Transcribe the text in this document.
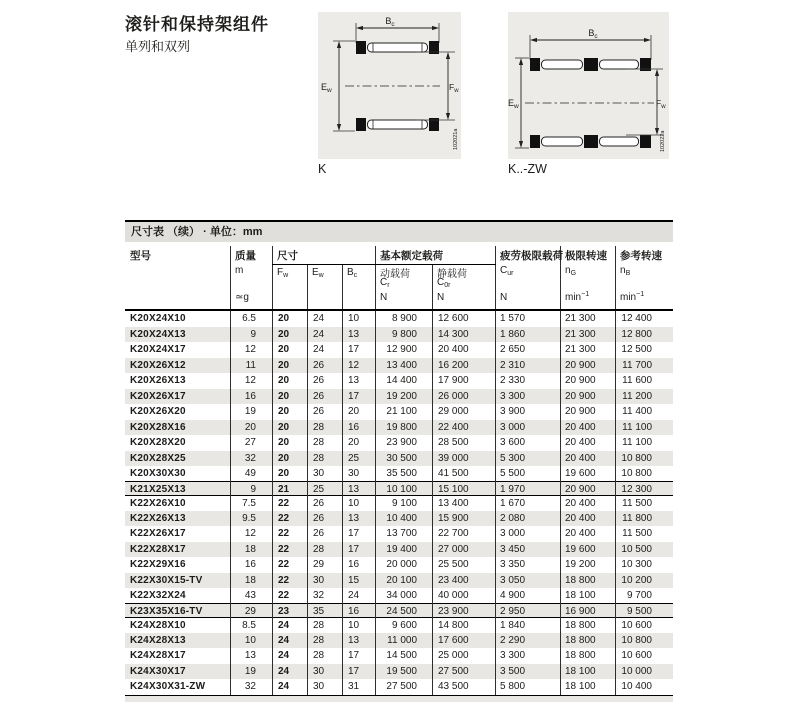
滚针和保持架组件
单列和双列
$B_c$
$E_w$	$F_w$
102021a
K
$B_c$
$E_w$	$F_w$
102022a
K..-ZW
尺寸表 （续） · 单位：mm
型号	质量
m
≃g
尺寸
$F_w$ $E_w$ $B_c$
基本额定载荷
动载荷
$C_r$
N
静载荷
$C_{0r}$
N
疲劳极限载荷
$C_{ur}$
N
极限转速
$n_G$
$\min^{-1}$
参考转速
$n_B$
$\min^{-1}$
K20X24X10	6.5	20	24	10	8 900	12 600	1 570	21 300	12 400
K20X24X13	9	20	24	13	9 800	14 300	1 860	21 300	12 800
K20X24X17	12	20	24	17	12 900	20 400	2 650	21 300	12 500
K20X26X12	11	20	26	12	13 400	16 200	2 310	20 900	11 700
K20X26X13	12	20	26	13	14 400	17 900	2 330	20 900	11 600
K20X26X17	16	20	26	17	19 200	26 000	3 300	20 900	11 200
K20X26X20	19	20	26	20	21 100	29 000	3 900	20 900	11 400
K20X28X16	20	20	28	16	19 800	22 400	3 000	20 400	11 100
K20X28X20	27	20	28	20	23 900	28 500	3 600	20 400	11 100
K20X28X25	32	20	28	25	30 500	39 000	5 300	20 400	10 800
K20X30X30	49	20	30	30	35 500	41 500	5 500	19 600	10 800
K21X25X13	9	21	25	13	10 100	15 100	1 970	20 900	12 300
K22X26X10	7.5	22	26	10	9 100	13 400	1 670	20 400	11 500
K22X26X13	9.5	22	26	13	10 400	15 900	2 080	20 400	11 800
K22X26X17	12	22	26	17	13 700	22 700	3 000	20 400	11 500
K22X28X17	18	22	28	17	19 400	27 000	3 450	19 600	10 500
K22X29X16	16	22	29	16	20 000	25 500	3 350	19 200	10 300
K22X30X15-TV	18	22	30	15	20 100	23 400	3 050	18 800	10 200
K22X32X24	43	22	32	24	34 000	40 000	4 900	18 100	9 700
K23X35X16-TV	29	23	35	16	24 500	23 900	2 950	16 900	9 500
K24X28X10	8.5	24	28	10	9 600	14 800	1 840	18 800	10 600
K24X28X13	10	24	28	13	11 000	17 600	2 290	18 800	10 800
K24X28X17	13	24	28	17	14 500	25 000	3 300	18 800	10 600
K24X30X17	19	24	30	17	19 500	27 500	3 500	18 100	10 000
K24X30X31-ZW	32	24	30	31	27 500	43 500	5 800	18 100	10 400
